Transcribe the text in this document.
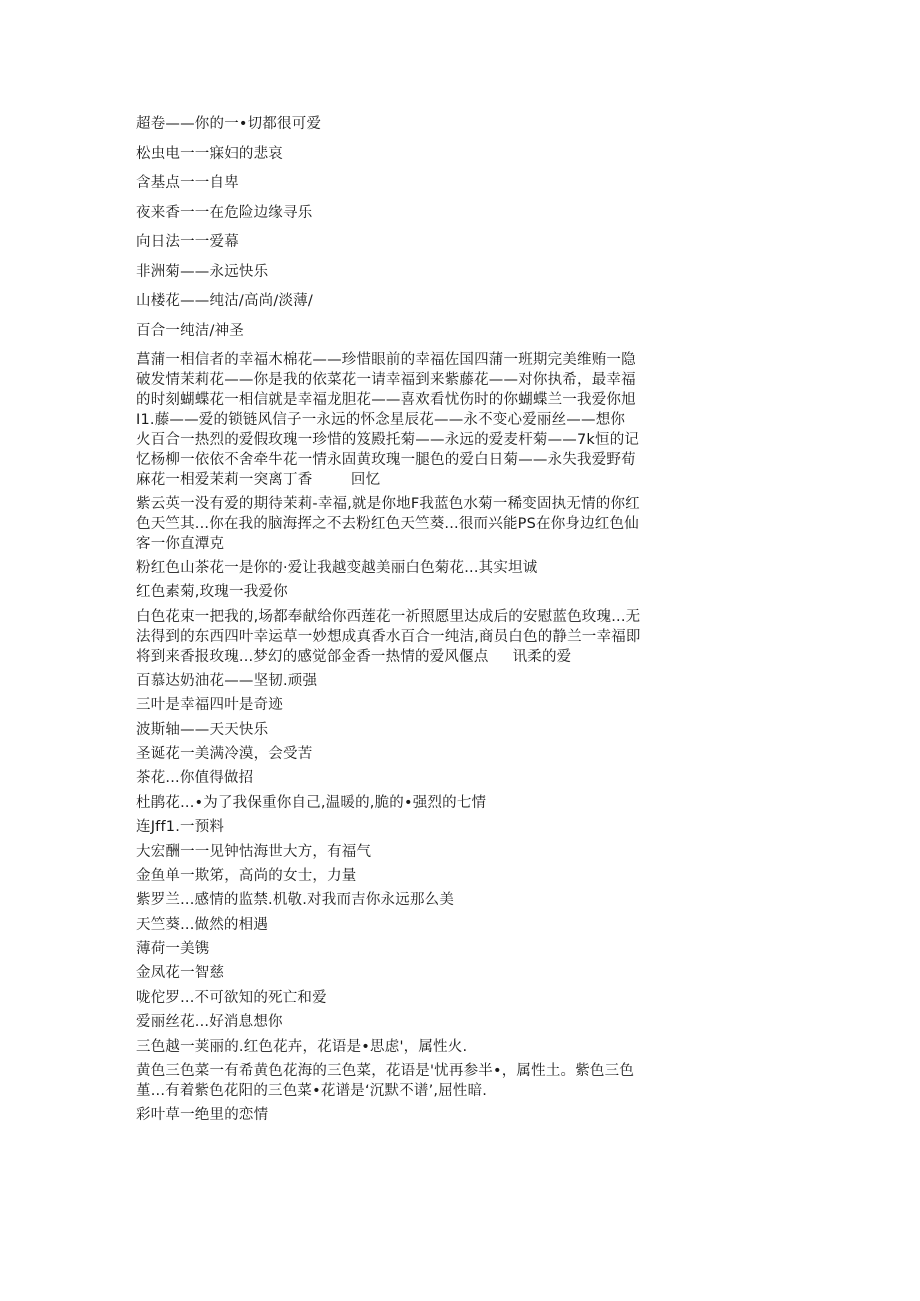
超卷——你的一•切都很可爱

松虫电一一寐妇的悲哀

含基点一一自卑

夜来香一一在危险边缘寻乐

向日法一一爱幕

非洲菊——永远快乐

山楼花——纯沽/高尚/淡薄/

百合一纯洁/神圣

菖蒲一相信者的幸福木棉花——珍惜眼前的幸福佐国四蒲一班期完美维贿一隐

破发情茉莉花——你是我的依菜花一请幸福到来紫藤花——对你执希，最幸福

的时刻蝴蝶花一相信就是幸福龙胆花——喜欢看忧伤时的你蝴蝶兰一我爱你旭

I1.藤——爱的锁链风信子一永远的怀念星辰花——永不变心爱丽丝——想你

火百合一热烈的爱假玫瑰一珍惜的笈殿托菊——永远的爱麦杆菊——7k恒的记

忆杨柳一依依不舍牵牛花一情永固黄玫瑰一腿色的爱白日菊——永失我爱野荀

麻花一相爱茉莉一突离丁香        回忆

紫云英一没有爱的期待茉莉-幸福,就是你地F我蓝色水菊一稀变固执无情的你红

色天竺其...你在我的脑海挥之不去粉红色天竺葵...很而兴能PS在你身边红色仙

客一你直潭克

粉红色山茶花一是你的·爱让我越变越美丽白色菊花...其实坦诚

红色素菊,玫瑰一我爱你

白色花束一把我的,场都奉献给你西莲花一祈照愿里达成后的安慰蓝色玫瑰...无

法得到的东西四叶幸运草一妙想成真香水百合一纯洁,商员白色的静兰一幸福即

将到来香报玫瑰...梦幻的感觉郃金香一热情的爱风偃点     讯柔的爱

百慕达奶油花——坚韧.顽强

三叶是幸福四叶是奇迹

波斯轴——天天快乐

圣诞花一美满冷漠，会受苦

茶花...你值得做招

杜鹃花...•为了我保重你自己,温暖的,脆的•强烈的七情

连Jff1.一预料

大宏酬一一见钟怙海世大方，有福气

金鱼单一欺笫，高尚的女士，力量

紫罗兰...感情的监禁.机敬.对我而吉你永远那么美

天竺葵...做然的相遇

薄荷一美镌

金凤花一智慈

咙佗罗...不可欲知的死亡和爱

爱丽丝花...好消息想你

三色越一荚丽的.红色花卉，花语是•思虑'，属性火.

黄色三色菜一有希黄色花海的三色菜，花语是'忧再参半•，属性土。紫色三色

堇...有着紫色花阳的三色菜•花谱是‘沉默不谱’,屈性暗.

彩叶草一绝里的恋情
